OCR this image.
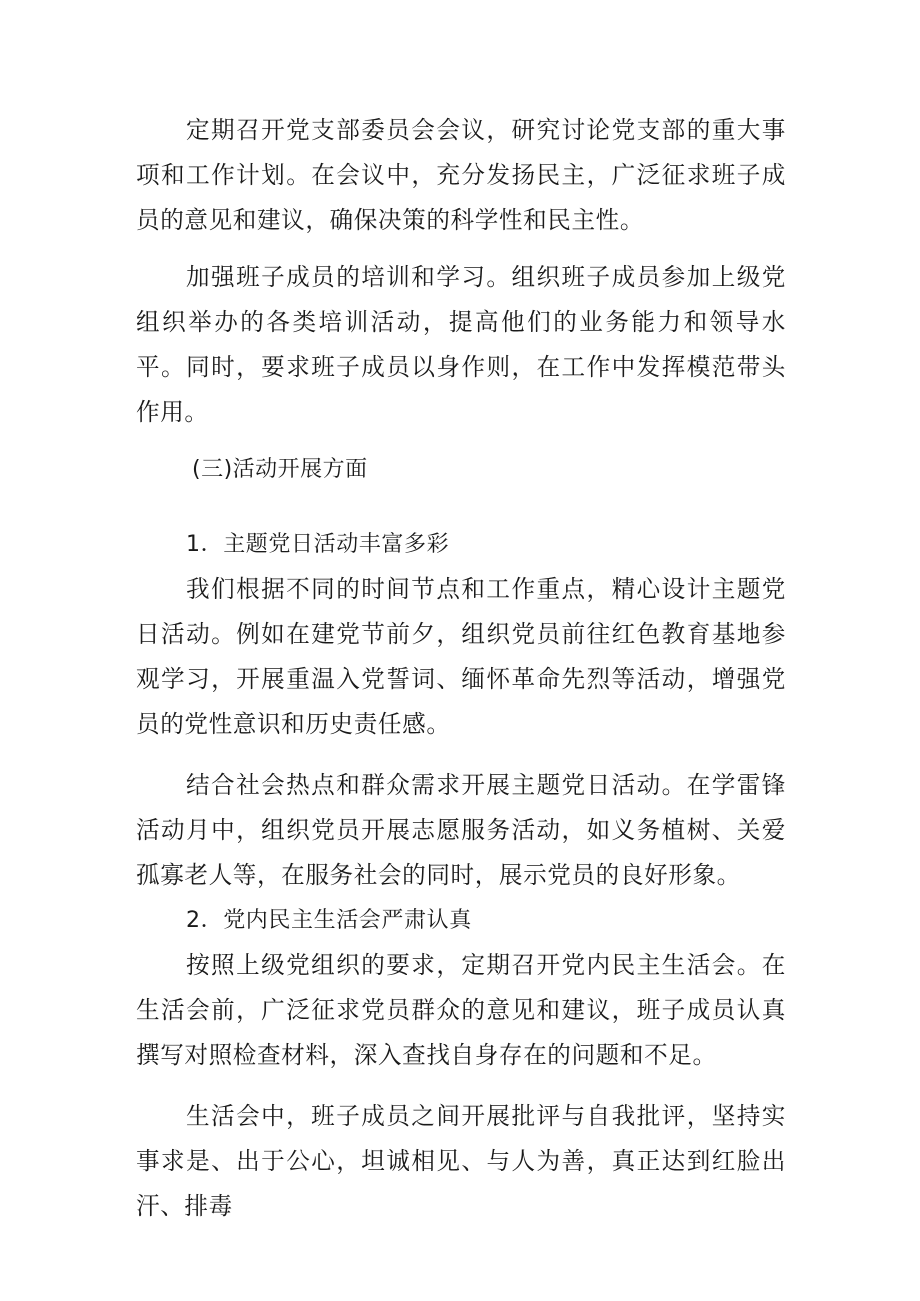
定期召开党支部委员会会议，研究讨论党支部的重大事项和工作计划。在会议中，充分发扬民主，广泛征求班子成员的意见和建议，确保决策的科学性和民主性。

加强班子成员的培训和学习。组织班子成员参加上级党组织举办的各类培训活动，提高他们的业务能力和领导水平。同时，要求班子成员以身作则，在工作中发挥模范带头作用。

(三)活动开展方面

1．主题党日活动丰富多彩

我们根据不同的时间节点和工作重点，精心设计主题党日活动。例如在建党节前夕，组织党员前往红色教育基地参观学习，开展重温入党誓词、缅怀革命先烈等活动，增强党员的党性意识和历史责任感。

结合社会热点和群众需求开展主题党日活动。在学雷锋活动月中，组织党员开展志愿服务活动，如义务植树、关爱孤寡老人等，在服务社会的同时，展示党员的良好形象。

2．党内民主生活会严肃认真

按照上级党组织的要求，定期召开党内民主生活会。在生活会前，广泛征求党员群众的意见和建议，班子成员认真撰写对照检查材料，深入查找自身存在的问题和不足。

生活会中，班子成员之间开展批评与自我批评，坚持实事求是、出于公心，坦诚相见、与人为善，真正达到红脸出汗、排毒
